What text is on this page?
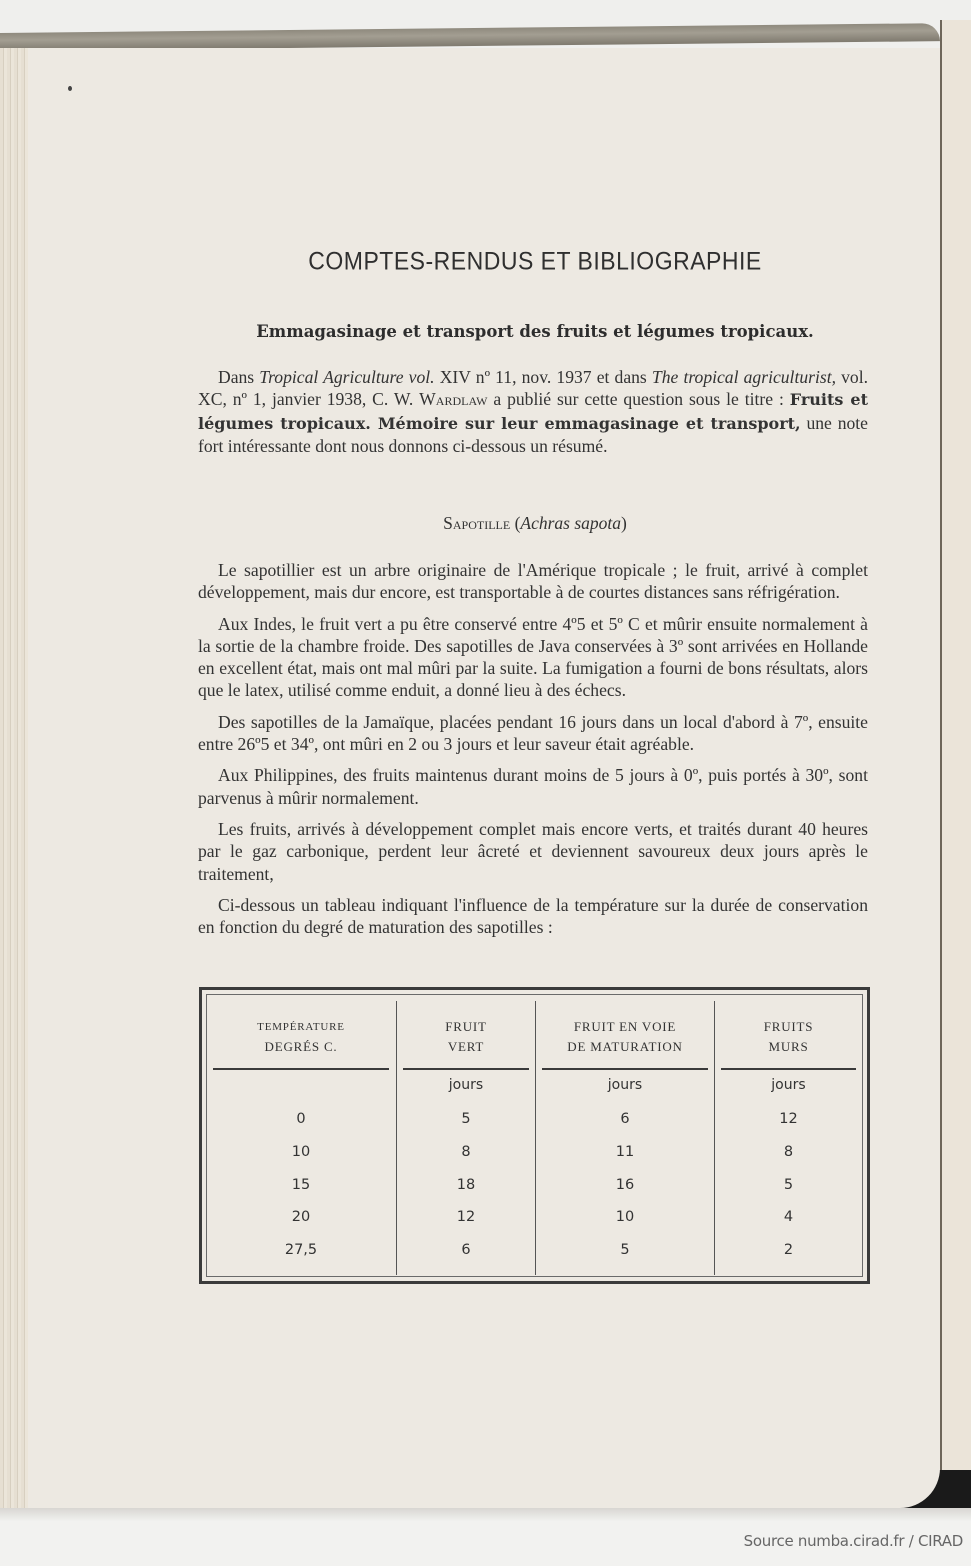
COMPTES-RENDUS ET BIBLIOGRAPHIE
Emmagasinage et transport des fruits et légumes tropicaux.

Dans Tropical Agriculture vol. XIV nº 11, nov. 1937 et dans The tropical agriculturist, vol. XC, nº 1, janvier 1938, C. W. Wardlaw a publié sur cette question sous le titre : Fruits et légumes tropicaux. Mémoire sur leur emmagasinage et transport, une note fort intéressante dont nous donnons ci-dessous un résumé.

Sapotille (Achras sapota)

Le sapotillier est un arbre originaire de l'Amérique tropicale ; le fruit, arrivé à complet développement, mais dur encore, est transportable à de courtes distances sans réfrigération.

Aux Indes, le fruit vert a pu être conservé entre 4º5 et 5º C et mûrir ensuite normalement à la sortie de la chambre froide. Des sapotilles de Java conservées à 3º sont arrivées en Hollande en excellent état, mais ont mal mûri par la suite. La fumigation a fourni de bons résultats, alors que le latex, utilisé comme enduit, a donné lieu à des échecs.

Des sapotilles de la Jamaïque, placées pendant 16 jours dans un local d'abord à 7º, ensuite entre 26º5 et 34º, ont mûri en 2 ou 3 jours et leur saveur était agréable.

Aux Philippines, des fruits maintenus durant moins de 5 jours à 0º, puis portés à 30º, sont parvenus à mûrir normalement.

Les fruits, arrivés à développement complet mais encore verts, et traités durant 40 heures par le gaz carbonique, perdent leur âcreté et deviennent savoureux deux jours après le traitement,

Ci-dessous un tableau indiquant l'influence de la température sur la durée de conservation en fonction du degré de maturation des sapotilles :

TEMPÉRATURE
DEGRÉS C.
0
10
15
20
27,5
FRUIT
VERT
jours
5
8
18
12
6
FRUIT EN VOIE
DE MATURATION
jours
6
11
16
10
5
FRUITS
MURS
jours
12
8
5
4
2
Source numba.cirad.fr / CIRAD
